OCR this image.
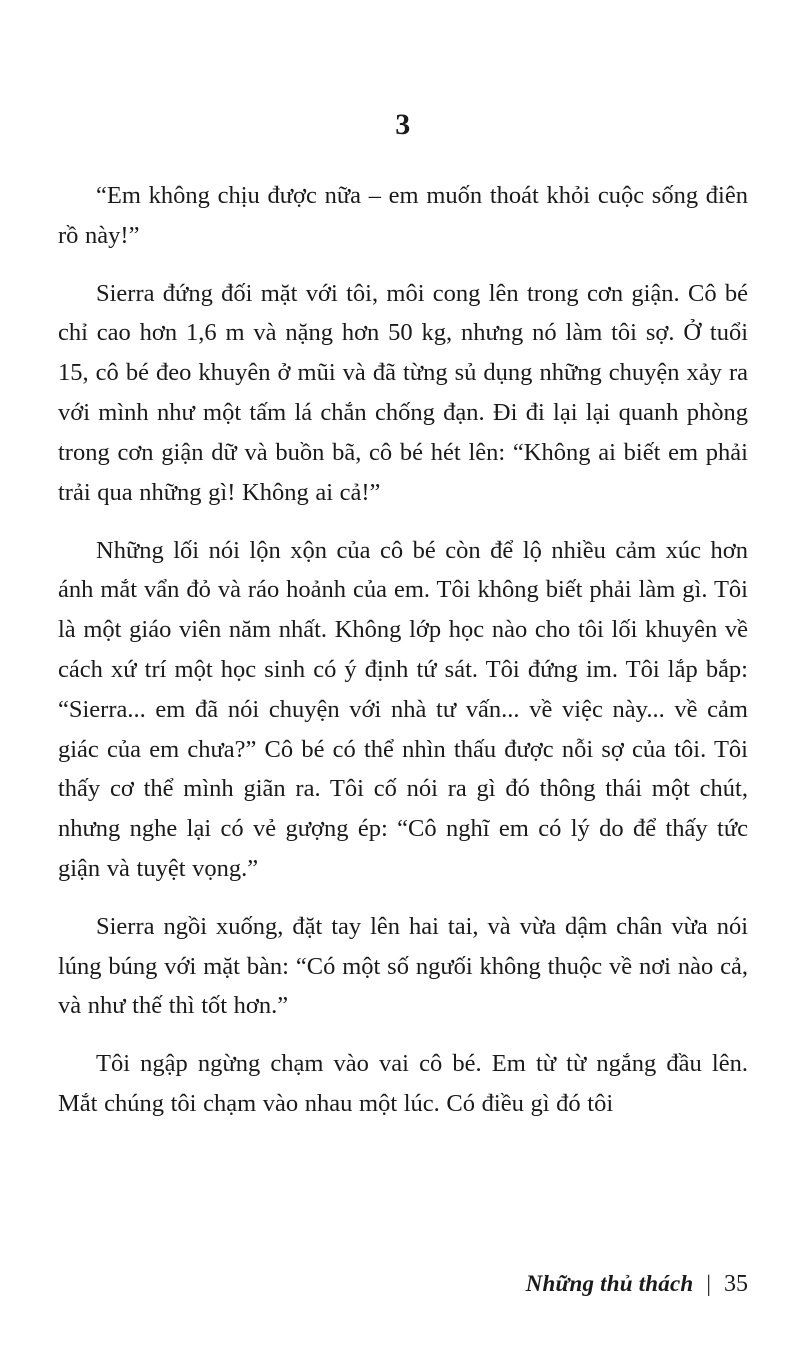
3

“Em không chịu được nữa – em muốn thoát khỏi cuộc sống điên rồ này!”

Sierra đứng đối mặt với tôi, môi cong lên trong cơn giận. Cô bé chỉ cao hơn 1,6 m và nặng hơn 50 kg, nhưng nó làm tôi sợ. Ở tuổi 15, cô bé đeo khuyên ở mũi và đã từng sủ dụng những chuyện xảy ra với mình như một tấm lá chắn chống đạn. Đi đi lại lại quanh phòng trong cơn giận dữ và buồn bã, cô bé hét lên: “Không ai biết em phải trải qua những gì! Không ai cả!”

Những lối nói lộn xộn của cô bé còn để lộ nhiều cảm xúc hơn ánh mắt vẩn đỏ và ráo hoảnh của em. Tôi không biết phải làm gì. Tôi là một giáo viên năm nhất. Không lớp học nào cho tôi lối khuyên về cách xứ trí một học sinh có ý định tứ sát. Tôi đứng im. Tôi lắp bắp: “Sierra... em đã nói chuyện với nhà tư vấn... về việc này... về cảm giác của em chưa?” Cô bé có thể nhìn thấu được nỗi sợ của tôi. Tôi thấy cơ thể mình giãn ra. Tôi cố nói ra gì đó thông thái một chút, nhưng nghe lại có vẻ gượng ép: “Cô nghĩ em có lý do để thấy tức giận và tuyệt vọng.”

Sierra ngồi xuống, đặt tay lên hai tai, và vừa dậm chân vừa nói lúng búng với mặt bàn: “Có một số ngưối không thuộc về nơi nào cả, và như thế thì tốt hơn.”

Tôi ngập ngừng chạm vào vai cô bé. Em từ từ ngắng đầu lên. Mắt chúng tôi chạm vào nhau một lúc. Có điều gì đó tôi

Những thủ thách | 35
